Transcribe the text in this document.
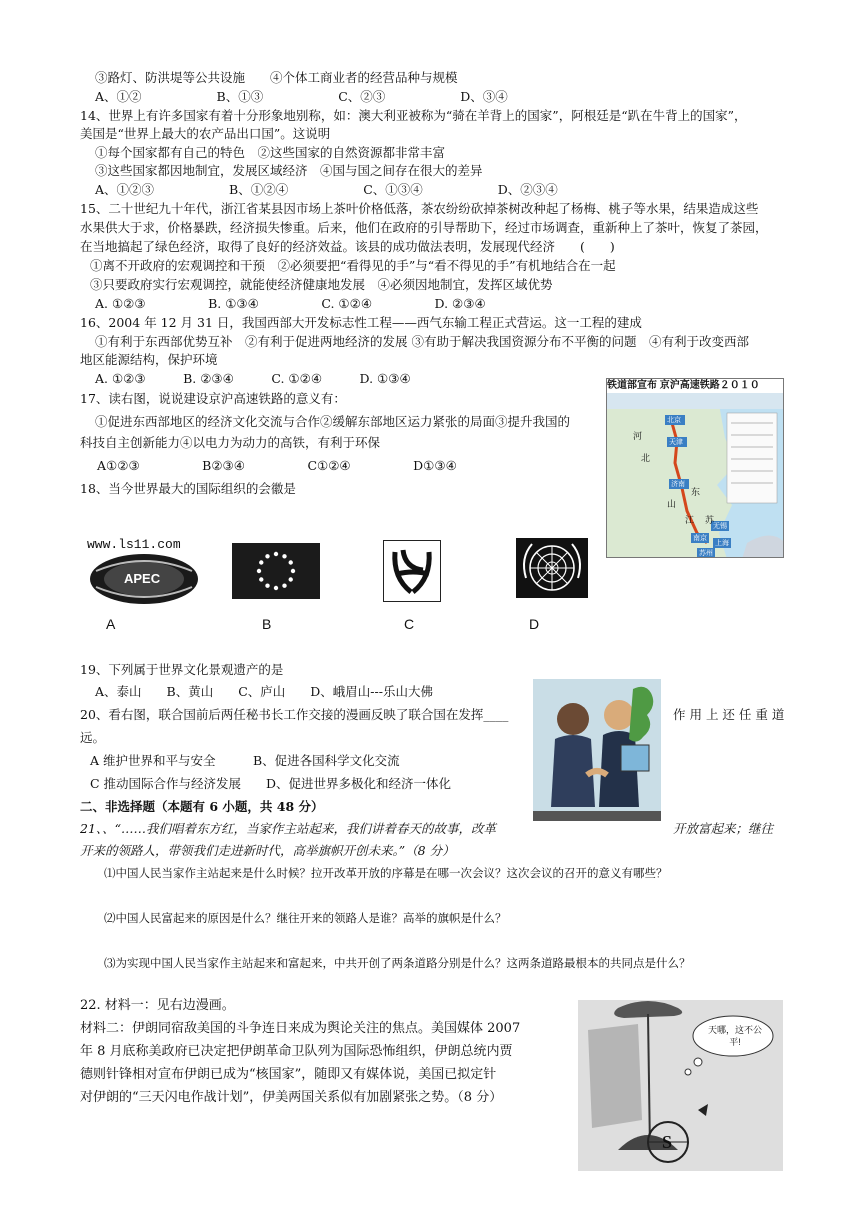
③路灯、防洪堤等公共设施　　④个体工商业者的经营品种与规模
A、①②　　　　　　B、①③　　　　　　C、②③　　　　　　D、③④
14、世界上有许多国家有着十分形象地别称，如：澳大利亚被称为“骑在羊背上的国家”，阿根廷是“趴在牛背上的国家”，
美国是“世界上最大的农产品出口国”。这说明
①每个国家都有自己的特色　②这些国家的自然资源都非常丰富
③这些国家都因地制宜，发展区域经济　④国与国之间存在很大的差异
A、①②③　　　　　　B、①②④　　　　　　C、①③④　　　　　　D、②③④
15、二十世纪九十年代，浙江省某县因市场上茶叶价格低落，茶农纷纷砍掉茶树改种起了杨梅、桃子等水果，结果造成这些
水果供大于求，价格暴跌，经济损失惨重。后来，他们在政府的引导帮助下，经过市场调查，重新种上了茶叶，恢复了茶园，
在当地搞起了绿色经济，取得了良好的经济效益。该县的成功做法表明，发展现代经济　　(　　)
①离不开政府的宏观调控和干预　②必须要把“看得见的手”与“看不得见的手”有机地结合在一起
③只要政府实行宏观调控，就能使经济健康地发展　④必须因地制宜，发挥区域优势
A. ①②③　　　　　B. ①③④　　　　　C. ①②④　　　　　D. ②③④
16、2004 年 12 月 31 日，我国西部大开发标志性工程——西气东输工程正式营运。这一工程的建成
①有利于东西部优势互补　②有利于促进两地经济的发展 ③有助于解决我国资源分布不平衡的问题　④有利于改变西部
地区能源结构，保护环境
A. ①②③　　　B. ②③④　　　C. ①②④　　　D. ①③④
17、读右图，说说建设京沪高速铁路的意义有：
①促进东西部地区的经济文化交流与合作②缓解东部地区运力紧张的局面③提升我国的
科技自主创新能力④以电力为动力的高铁，有利于环保
A①②③　　　　　B②③④　　　　　C①②④　　　　　D①③④
18、当今世界最大的国际组织的会徽是
铁道部宣布 京沪高速铁路２０１０
北京
天津
济南
南京
上海
苏州
无锡
河
北
山
东
江 苏
www.ls11.com
APEC
A	B	C	D
19、下列属于世界文化景观遗产的是
A、泰山　　B、黄山　　C、庐山　　D、峨眉山---乐山大佛
20、看右图，联合国前后两任秘书长工作交接的漫画反映了联合国在发挥____	作 用 上 还 任 重 道
远。
A 维护世界和平与安全　　　B、促进各国科学文化交流
C 推动国际合作与经济发展　　D、促进世界多极化和经济一体化
二、非选择题（本题有 6 小题，共 48 分）
21、、“……我们唱着东方红，当家作主站起来，我们讲着春天的故事，改革	开放富起来；继往
开来的领路人，带领我们走进新时代，高举旗帜开创未来。”（8 分）
⑴中国人民当家作主站起来是什么时候？拉开改革开放的序幕是在哪一次会议？这次会议的召开的意义有哪些？
⑵中国人民富起来的原因是什么？继往开来的领路人是谁？高举的旗帜是什么？
⑶为实现中国人民当家作主站起来和富起来，中共开创了两条道路分别是什么？这两条道路最根本的共同点是什么？
22. 材料一：见右边漫画。
材料二：伊朗同宿敌美国的斗争连日来成为舆论关注的焦点。美国媒体 2007
年 8 月底称美政府已决定把伊朗革命卫队列为国际恐怖组织，伊朗总统内贾
德则针锋相对宣布伊朗已成为“核国家”，随即又有媒体说，美国已拟定针
对伊朗的“三天闪电作战计划”，伊美两国关系似有加剧紧张之势。（8 分）
天哪，这不公平!
S
